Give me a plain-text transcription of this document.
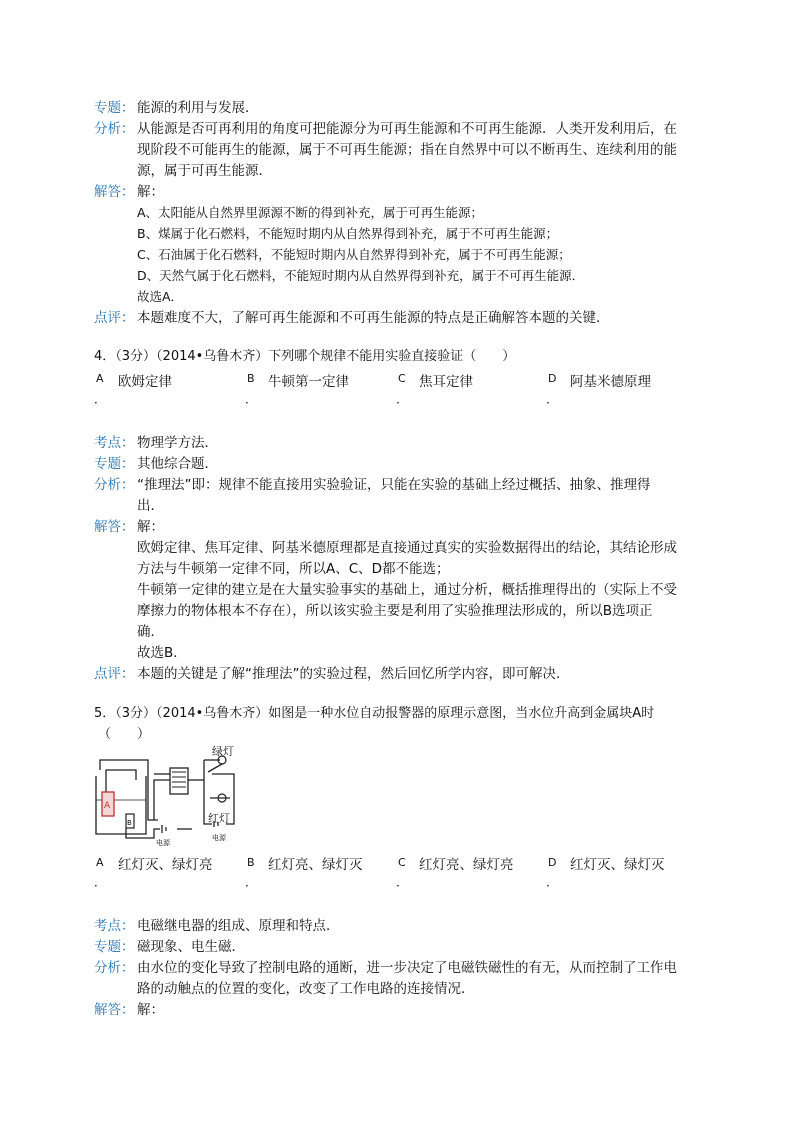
专题： 能源的利用与发展．
分析： 从能源是否可再利用的角度可把能源分为可再生能源和不可再生能源．人类开发利用后，在
现阶段不可能再生的能源，属于不可再生能源；指在自然界中可以不断再生、连续利用的能
源，属于可再生能源．
解答： 解：
A、太阳能从自然界里源源不断的得到补充，属于可再生能源；
B、煤属于化石燃料，不能短时期内从自然界得到补充，属于不可再生能源；
C、石油属于化石燃料，不能短时期内从自然界得到补充，属于不可再生能源；
D、天然气属于化石燃料，不能短时期内从自然界得到补充，属于不可再生能源．
故选A．
点评： 本题难度不大，了解可再生能源和不可再生能源的特点是正确解答本题的关键．
4．（3分）（2014•乌鲁木齐）下列哪个规律不能用实验直接验证（　　）
A
．
欧姆定律	B
．
牛顿第一定律	C
．
焦耳定律	D
．
阿基米德原理
考点： 物理学方法．
专题： 其他综合题．
分析： “推理法”即：规律不能直接用实验验证，只能在实验的基础上经过概括、抽象、推理得
出．
解答： 解：
欧姆定律、焦耳定律、阿基米德原理都是直接通过真实的实验数据得出的结论，其结论形成
方法与牛顿第一定律不同，所以A、C、D都不能选；
牛顿第一定律的建立是在大量实验事实的基础上，通过分析，概括推理得出的（实际上不受
摩擦力的物体根本不存在），所以该实验主要是利用了实验推理法形成的，所以B选项正
确．
故选B．
点评： 本题的关键是了解“推理法”的实验过程，然后回忆所学内容，即可解决．
5．（3分）（2014•乌鲁木齐）如图是一种水位自动报警器的原理示意图，当水位升高到金属块A时
（　　）
绿灯
红灯
A
B
电源
电源
A
．
红灯灭、绿灯亮	B
．
红灯亮、绿灯灭	C
．
红灯亮、绿灯亮	D
．
红灯灭、绿灯灭
考点： 电磁继电器的组成、原理和特点．
专题： 磁现象、电生磁．
分析： 由水位的变化导致了控制电路的通断，进一步决定了电磁铁磁性的有无，从而控制了工作电
路的动触点的位置的变化，改变了工作电路的连接情况．
解答： 解：
